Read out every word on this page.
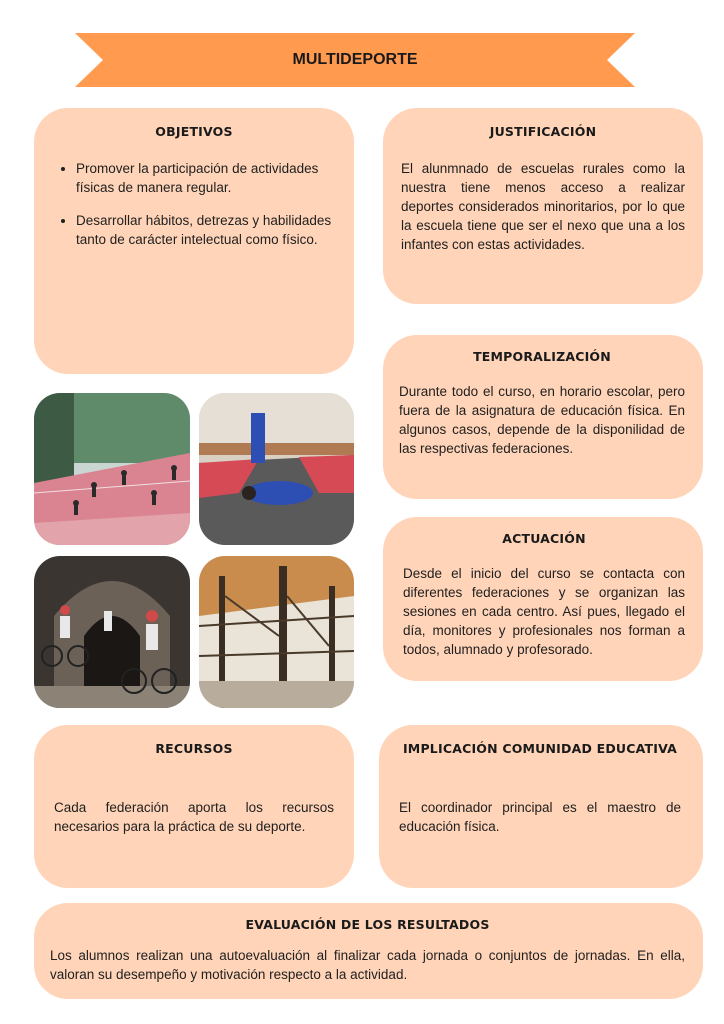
MULTIDEPORTE
OBJETIVOS
• Promover la participación de actividades físicas de manera regular.
• Desarrollar hábitos, detrezas y habilidades tanto de carácter intelectual como físico.
JUSTIFICACIÓN

El alunmnado de escuelas rurales como la nuestra tiene menos acceso a realizar deportes considerados minoritarios, por lo que la escuela tiene que ser el nexo que una a los infantes con estas actividades.

TEMPORALIZACIÓN

Durante todo el curso, en horario escolar, pero fuera de la asignatura de educación física. En algunos casos, depende de la disponilidad de las respectivas federaciones.

ACTUACIÓN

Desde el inicio del curso se contacta con diferentes federaciones y se organizan las sesiones en cada centro. Así pues, llegado el día, monitores y profesionales nos forman a todos, alumnado y profesorado.

RECURSOS

Cada federación aporta los recursos necesarios para la práctica de su deporte.

IMPLICACIÓN COMUNIDAD EDUCATIVA

El coordinador principal es el maestro de educación física.

EVALUACIÓN DE LOS RESULTADOS

Los alumnos realizan una autoevaluación al finalizar cada jornada o conjuntos de jornadas. En ella, valoran su desempeño y motivación respecto a la actividad.
